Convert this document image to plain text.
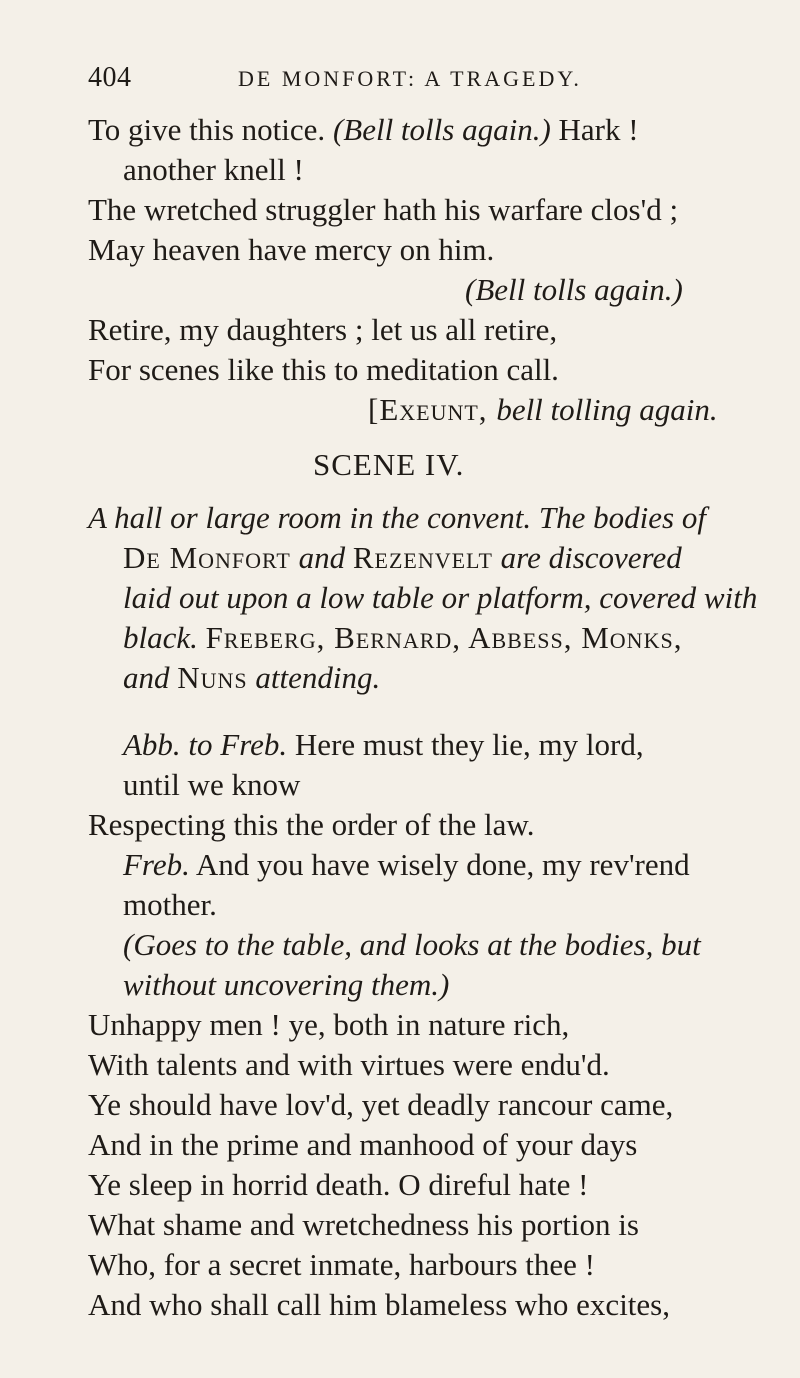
404	DE MONFORT: A TRAGEDY.
To give this notice. (Bell tolls again.) Hark !
another knell !
The wretched struggler hath his warfare clos'd ;
May heaven have mercy on him.
(Bell tolls again.)
Retire, my daughters ; let us all retire,
For scenes like this to meditation call.
[Exeunt, bell tolling again.
SCENE IV.
A hall or large room in the convent. The bodies of
De Monfort and Rezenvelt are discovered
laid out upon a low table or platform, covered with
black. Freberg, Bernard, Abbess, Monks,
and Nuns attending.
Abb. to Freb. Here must they lie, my lord,
until we know
Respecting this the order of the law.
Freb. And you have wisely done, my rev'rend
mother.
(Goes to the table, and looks at the bodies, but
without uncovering them.)
Unhappy men ! ye, both in nature rich,
With talents and with virtues were endu'd.
Ye should have lov'd, yet deadly rancour came,
And in the prime and manhood of your days
Ye sleep in horrid death. O direful hate !
What shame and wretchedness his portion is
Who, for a secret inmate, harbours thee !
And who shall call him blameless who excites,
